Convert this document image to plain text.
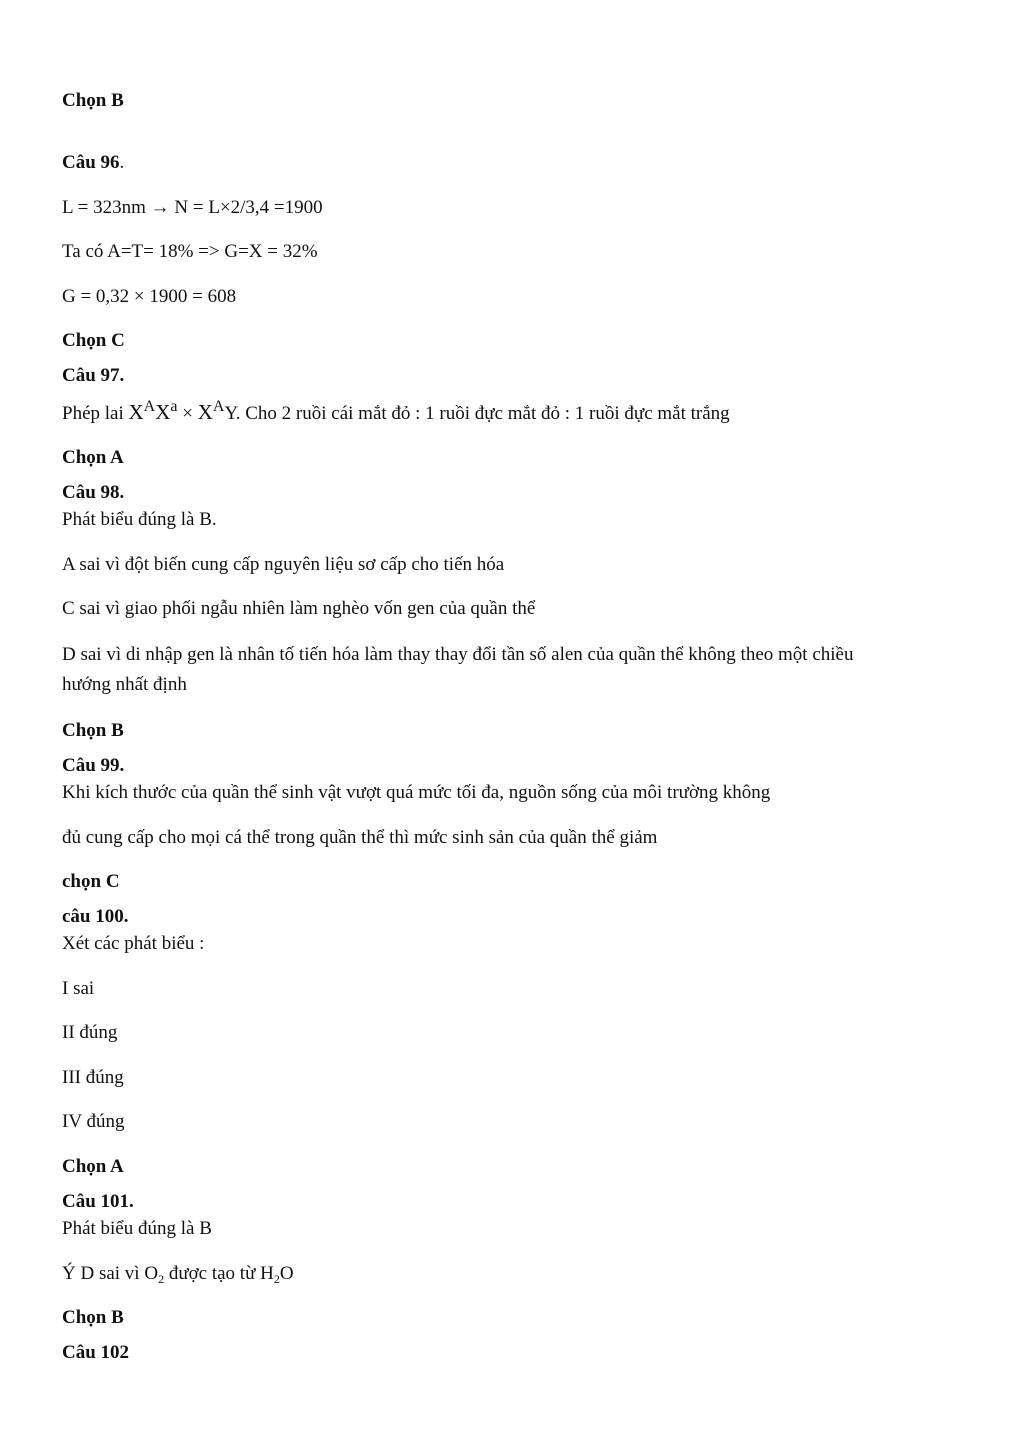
Chọn B
Câu 96.
L = 323nm → N = L×2/3,4 =1900
Ta có A=T= 18% => G=X = 32%
G = 0,32 × 1900 = 608
Chọn C
Câu 97.
Phép lai $X^AX^a \times X^AY$. Cho 2 ruồi cái mắt đỏ : 1 ruồi đực mắt đỏ : 1 ruồi đực mắt trắng
Chọn A
Câu 98.
Phát biểu đúng là B.
A sai vì đột biến cung cấp nguyên liệu sơ cấp cho tiến hóa
C sai vì giao phối ngẫu nhiên làm nghèo vốn gen của quần thể
D sai vì di nhập gen là nhân tố tiến hóa làm thay thay đổi tần số alen của quần thể không theo một chiều
hướng nhất định
Chọn B
Câu 99.
Khi kích thước của quần thể sinh vật vượt quá mức tối đa, nguồn sống của môi trường không
đủ cung cấp cho mọi cá thể trong quần thể thì mức sinh sản của quần thể giảm
chọn C
câu 100.
Xét các phát biểu :
I sai
II đúng
III đúng
IV đúng
Chọn A
Câu 101.
Phát biểu đúng là B
Ý D sai vì $O_2$ được tạo từ $H_2O$
Chọn B
Câu 102
